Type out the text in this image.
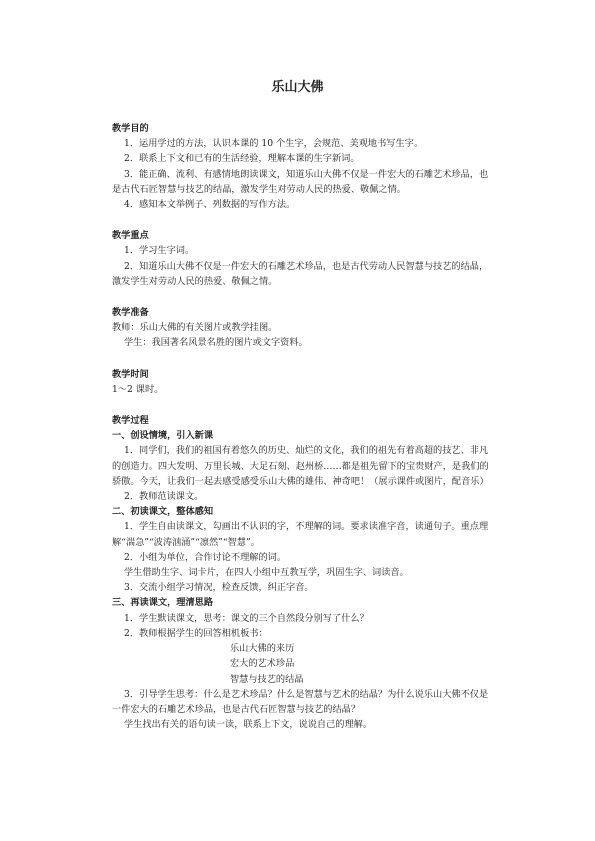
乐山大佛
教学目的

1．运用学过的方法，认识本课的 10 个生字，会规范、美观地书写生字。

2．联系上下文和已有的生活经验，理解本课的生字新词。

3．能正确、流利、有感情地朗读课文，知道乐山大佛不仅是一件宏大的石雕艺术珍品，也是古代石匠智慧与技艺的结晶，激发学生对劳动人民的热爱、敬佩之情。

4．感知本文举例子、列数据的写作方法。

教学重点

1．学习生字词。

2．知道乐山大佛不仅是一件宏大的石雕艺术珍品，也是古代劳动人民智慧与技艺的结晶，激发学生对劳动人民的热爱、敬佩之情。

教学准备

教师：乐山大佛的有关图片或教学挂图。

学生：我国著名风景名胜的图片或文字资料。

教学时间

1～2 课时。

教学过程
一、创设情境，引入新课

1．同学们，我们的祖国有着悠久的历史、灿烂的文化，我们的祖先有着高超的技艺、非凡的创造力。四大发明、万里长城、大足石刻、赵州桥……都是祖先留下的宝贵财产，是我们的骄傲。今天，让我们一起去感受感受乐山大佛的雄伟、神奇吧！（展示课件或图片，配音乐）

2．教师范读课文。

二、初读课文，整体感知

1．学生自由读课文，勾画出不认识的字，不理解的词。要求读准字音，读通句子。重点理解“湍急”“波涛汹涌”“凛然”“智慧”。

2．小组为单位，合作讨论不理解的词。

学生借助生字、词卡片，在四人小组中互教互学，巩固生字、词读音。

3．交流小组学习情况，检查反馈，纠正字音。

三、再读课文，理清思路

1．学生默读课文，思考：课文的三个自然段分别写了什么？

2．教师根据学生的回答相机板书：

乐山大佛的来历

宏大的艺术珍品

智慧与技艺的结晶

3．引导学生思考：什么是艺术珍品？什么是智慧与艺术的结晶？为什么说乐山大佛不仅是一件宏大的石雕艺术珍品，也是古代石匠智慧与技艺的结晶？

学生找出有关的语句读一读，联系上下文，说说自己的理解。
